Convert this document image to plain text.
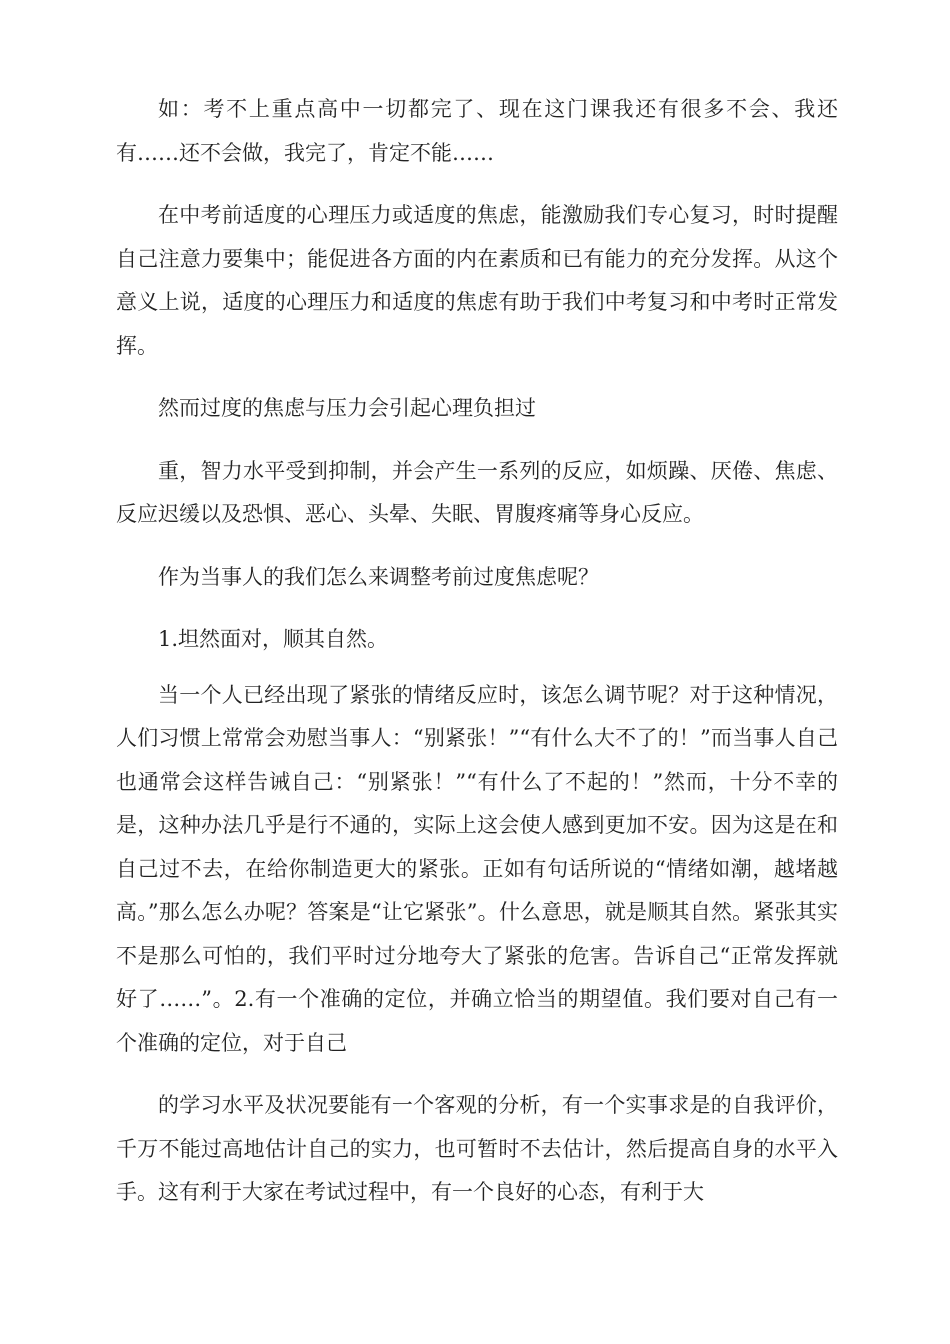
如：考不上重点高中一切都完了、现在这门课我还有很多不会、我还有……还不会做，我完了，肯定不能……

在中考前适度的心理压力或适度的焦虑，能激励我们专心复习，时时提醒自己注意力要集中；能促进各方面的内在素质和已有能力的充分发挥。从这个意义上说，适度的心理压力和适度的焦虑有助于我们中考复习和中考时正常发挥。

然而过度的焦虑与压力会引起心理负担过

重，智力水平受到抑制，并会产生一系列的反应，如烦躁、厌倦、焦虑、反应迟缓以及恐惧、恶心、头晕、失眠、胃腹疼痛等身心反应。

作为当事人的我们怎么来调整考前过度焦虑呢？

1.坦然面对，顺其自然。

当一个人已经出现了紧张的情绪反应时，该怎么调节呢？对于这种情况，人们习惯上常常会劝慰当事人：“别紧张！”“有什么大不了的！”而当事人自己也通常会这样告诫自己：“别紧张！”“有什么了不起的！”然而，十分不幸的是，这种办法几乎是行不通的，实际上这会使人感到更加不安。因为这是在和自己过不去，在给你制造更大的紧张。正如有句话所说的“情绪如潮，越堵越高。”那么怎么办呢？答案是“让它紧张”。什么意思，就是顺其自然。紧张其实不是那么可怕的，我们平时过分地夸大了紧张的危害。告诉自己“正常发挥就好了……”。2.有一个准确的定位，并确立恰当的期望值。我们要对自己有一个准确的定位，对于自己

的学习水平及状况要能有一个客观的分析，有一个实事求是的自我评价，千万不能过高地估计自己的实力，也可暂时不去估计，然后提高自身的水平入手。这有利于大家在考试过程中，有一个良好的心态，有利于大
